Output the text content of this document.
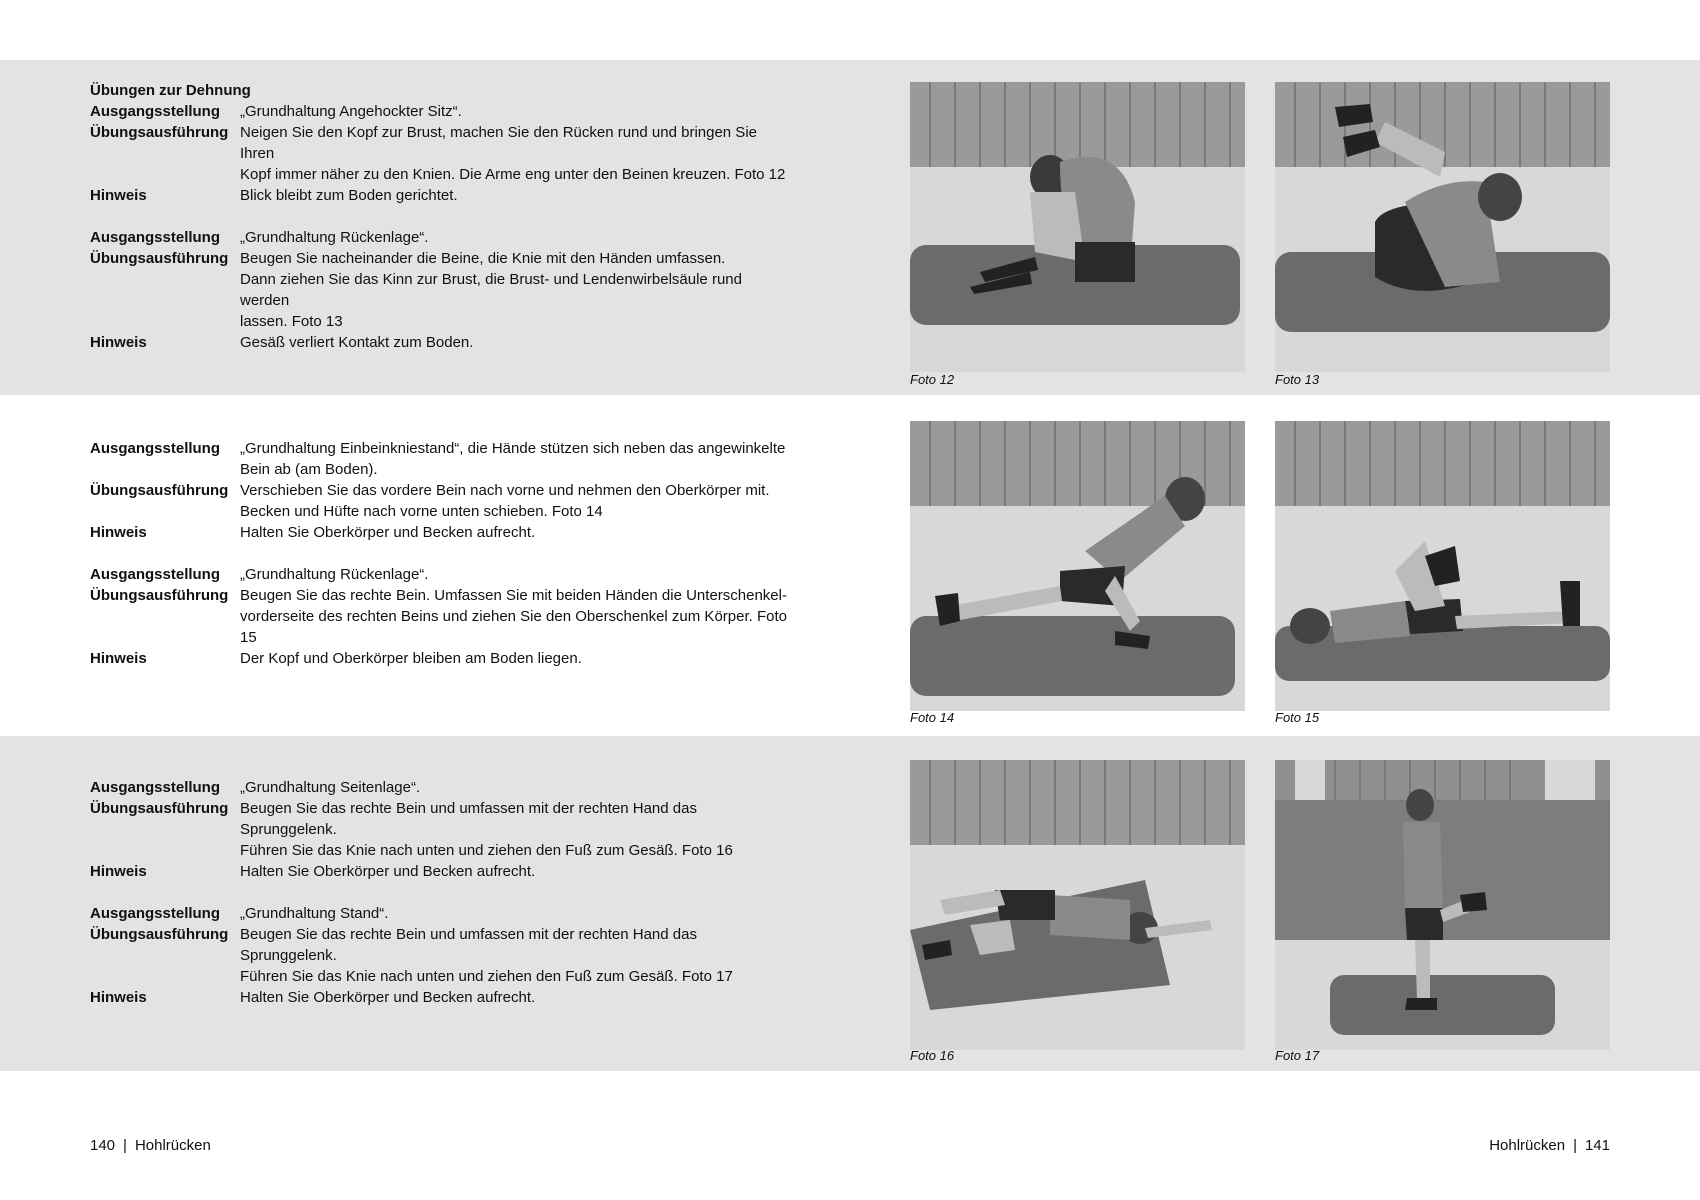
Übungen zur Dehnung

Ausgangsstellung	„Grundhaltung Angehockter Sitz“.
Übungsausführung Neigen Sie den Kopf zur Brust, machen Sie den Rücken rund und bringen Sie Ihren
Kopf immer näher zu den Knien. Die Arme eng unter den Beinen kreuzen. Foto 12
Hinweis	Blick bleibt zum Boden gerichtet.
Ausgangsstellung	„Grundhaltung Rückenlage“.
Übungsausführung Beugen Sie nacheinander die Beine, die Knie mit den Händen umfassen.
Dann ziehen Sie das Kinn zur Brust, die Brust- und Lendenwirbelsäule rund werden
lassen. Foto 13
Hinweis	Gesäß verliert Kontakt zum Boden.
Ausgangsstellung	„Grundhaltung Einbeinkniestand“, die Hände stützen sich neben das angewinkelte
Bein ab (am Boden).
Übungsausführung Verschieben Sie das vordere Bein nach vorne und nehmen den Oberkörper mit.
Becken und Hüfte nach vorne unten schieben. Foto 14
Hinweis	Halten Sie Oberkörper und Becken aufrecht.
Ausgangsstellung	„Grundhaltung Rückenlage“.
Übungsausführung Beugen Sie das rechte Bein. Umfassen Sie mit beiden Händen die Unterschenkel-
vorderseite des rechten Beins und ziehen Sie den Oberschenkel zum Körper. Foto 15
Hinweis	Der Kopf und Oberkörper bleiben am Boden liegen.
Ausgangsstellung	„Grundhaltung Seitenlage“.
Übungsausführung Beugen Sie das rechte Bein und umfassen mit der rechten Hand das Sprunggelenk.
Führen Sie das Knie nach unten und ziehen den Fuß zum Gesäß. Foto 16
Hinweis	Halten Sie Oberkörper und Becken aufrecht.
Ausgangsstellung	„Grundhaltung Stand“.
Übungsausführung Beugen Sie das rechte Bein und umfassen mit der rechten Hand das Sprunggelenk.
Führen Sie das Knie nach unten und ziehen den Fuß zum Gesäß. Foto 17
Hinweis	Halten Sie Oberkörper und Becken aufrecht.
Foto 12	Foto 13
Foto 14	Foto 15
Foto 16	Foto 17
140 | Hohlrücken	Hohlrücken | 141
